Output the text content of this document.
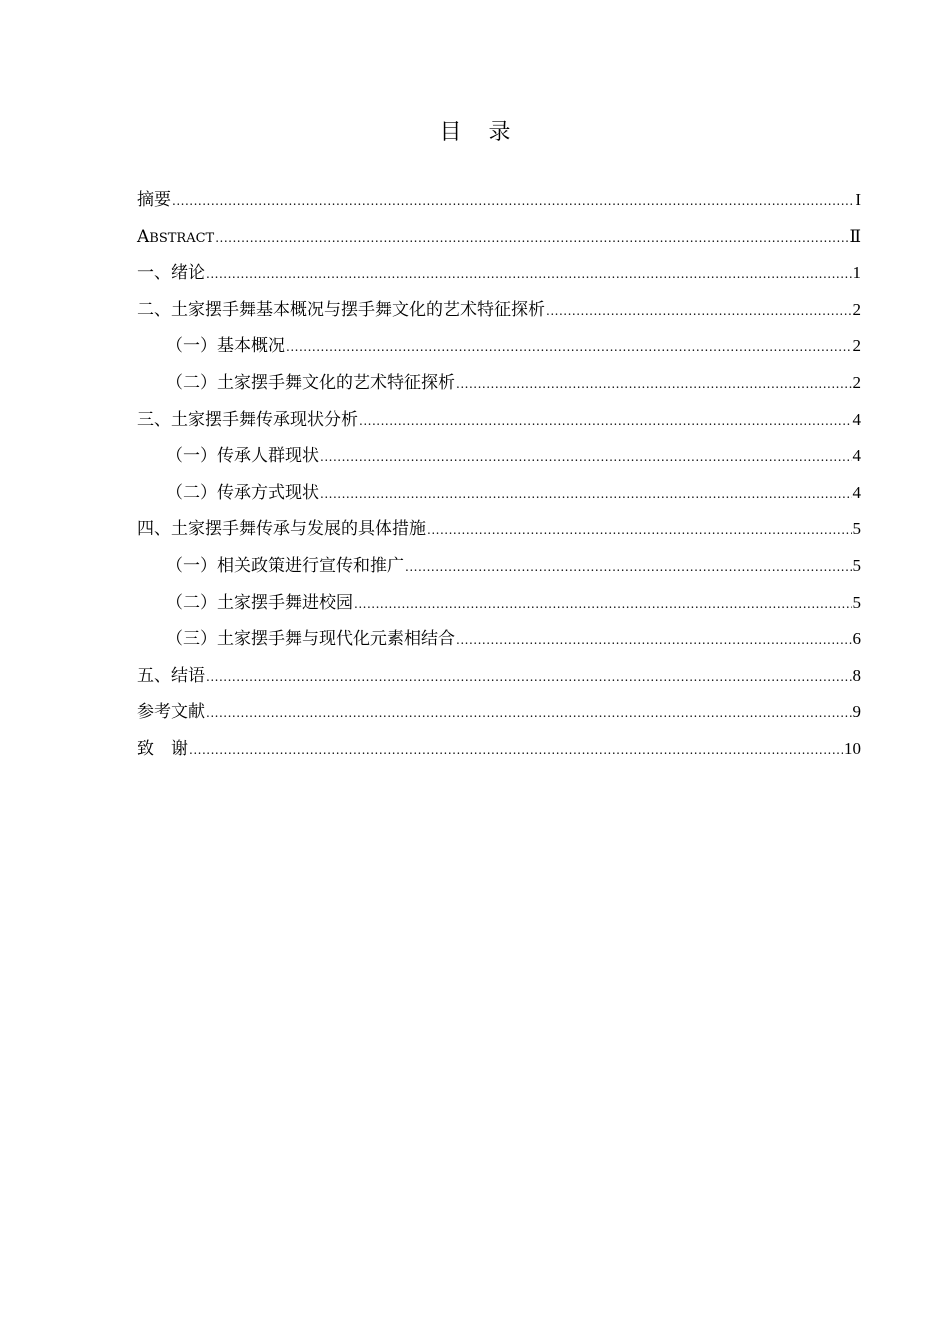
目 录
摘要 .....	I
ABSTRACT .....	Ⅱ
一、绪论 .....	1
二、土家摆手舞基本概况与摆手舞文化的艺术特征探析 .....	2
（一）基本概况 .....	2
（二）土家摆手舞文化的艺术特征探析 .....	2
三、土家摆手舞传承现状分析 .....	4
（一）传承人群现状 .....	4
（二）传承方式现状 .....	4
四、土家摆手舞传承与发展的具体措施 .....	5
（一）相关政策进行宣传和推广 .....	5
（二）土家摆手舞进校园 .....	5
（三）土家摆手舞与现代化元素相结合 .....	6
五、结语 .....	8
参考文献 .....	9
致　谢 .....	10
